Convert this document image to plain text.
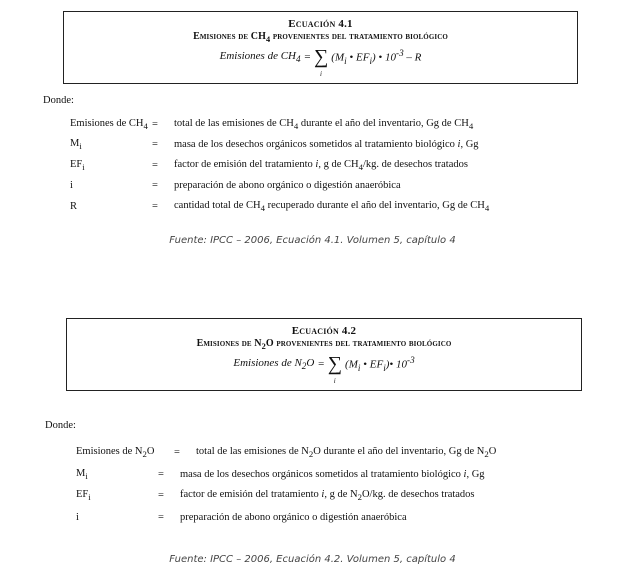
Ecuación 4.1
Emisiones de $CH_4$ provenientes del tratamiento biológico
Emisiones de $CH_4$ = ∑
i
($M_i$ • $EF_i$) • $10^{-3}$ – R
Donde:
Emisiones de $CH_4$ =	total de las emisiones de $CH_4$ durante el año del inventario, Gg de $CH_4$
$M_i$	=	masa de los desechos orgánicos sometidos al tratamiento biológico i, Gg
$EF_i$	=	factor de emisión del tratamiento i, g de $CH_4/kg$. de desechos tratados
i	=	preparación de abono orgánico o digestión anaeróbica
R	=	cantidad total de $CH_4$ recuperado durante el año del inventario, Gg de $CH_4$
Fuente: IPCC – 2006, Ecuación 4.1. Volumen 5, capítulo 4
Ecuación 4.2
Emisiones de $N_2O$ provenientes del tratamiento biológico
Emisiones de $N_2O$ = ∑
i
($M_i$ • $EF_i)•$ $10^{-3}$
Donde:
Emisiones de $N_2O$	=	total de las emisiones de $N_2O$ durante el año del inventario, Gg de $N_2O$
$M_i$	=	masa de los desechos orgánicos sometidos al tratamiento biológico i, Gg
$EF_i$	=	factor de emisión del tratamiento i, g de $N_2O/kg$. de desechos tratados
i	=	preparación de abono orgánico o digestión anaeróbica
Fuente: IPCC – 2006, Ecuación 4.2. Volumen 5, capítulo 4
